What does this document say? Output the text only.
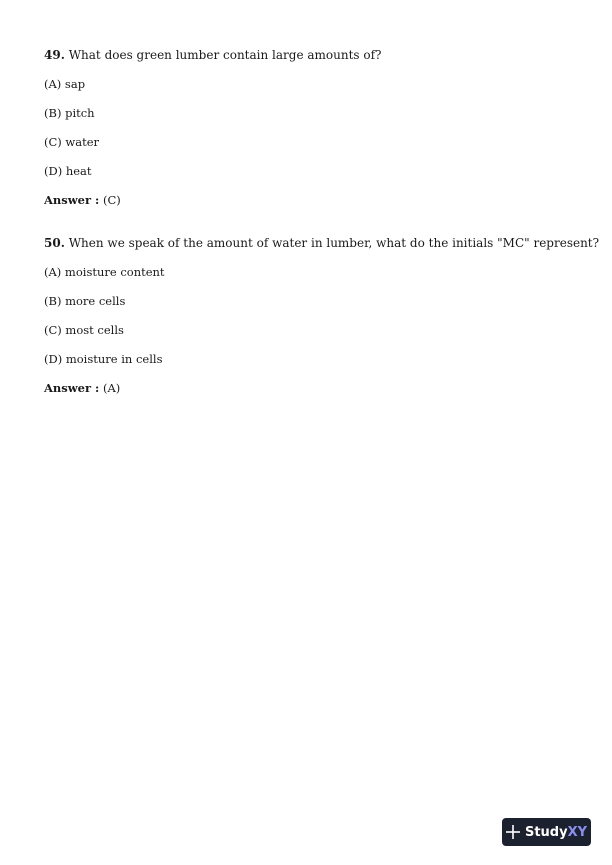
49. What does green lumber contain large amounts of?
(A) sap
(B) pitch
(C) water
(D) heat
Answer : (C)
50. When we speak of the amount of water in lumber, what do the initials "MC" represent?
(A) moisture content
(B) more cells
(C) most cells
(D) moisture in cells
Answer : (A)
Study XY
